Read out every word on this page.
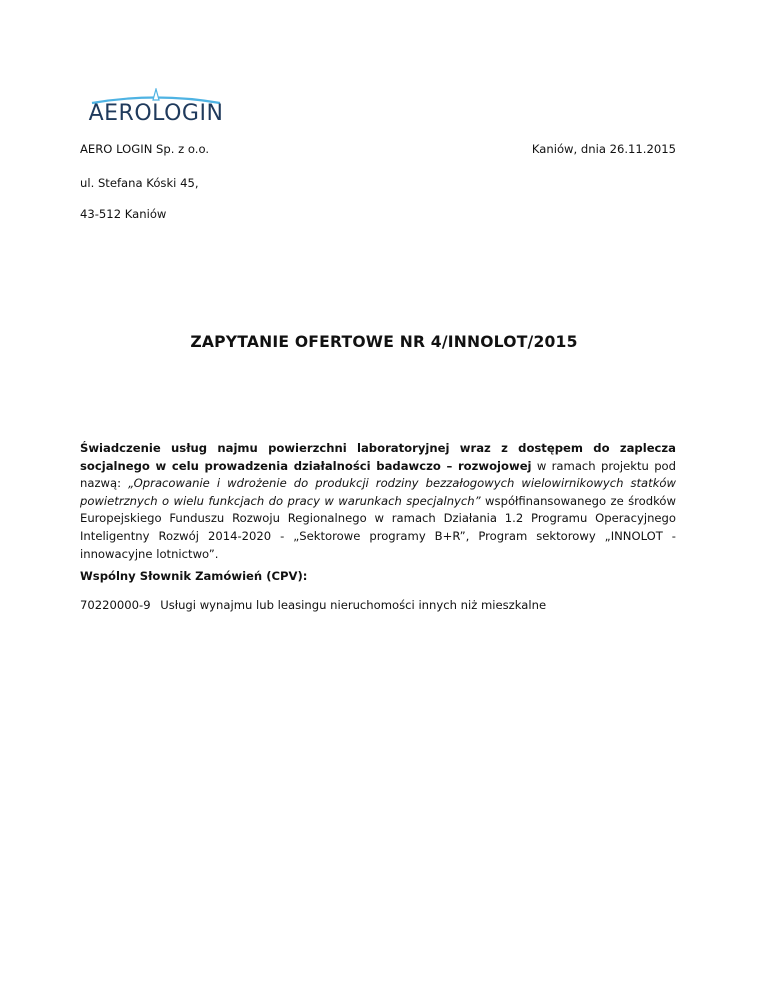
AEROLOGIN
AERO LOGIN Sp. z o.o.	Kaniów, dnia 26.11.2015
ul. Stefana Kóski 45,
43-512 Kaniów
ZAPYTANIE OFERTOWE NR 4/INNOLOT/2015
Świadczenie usług najmu powierzchni laboratoryjnej wraz z dostępem do zaplecza socjalnego w celu prowadzenia działalności badawczo – rozwojowej w ramach projektu pod nazwą: „Opracowanie i wdrożenie do produkcji rodziny bezzałogowych wielowirnikowych statków powietrznych o wielu funkcjach do pracy w warunkach specjalnych” współfinansowanego ze środków Europejskiego Funduszu Rozwoju Regionalnego w ramach Działania 1.2 Programu Operacyjnego Inteligentny Rozwój 2014-2020 - „Sektorowe programy B+R”, Program sektorowy „INNOLOT - innowacyjne lotnictwo”.
Wspólny Słownik Zamówień (CPV):
70220000-9 Usługi wynajmu lub leasingu nieruchomości innych niż mieszkalne
